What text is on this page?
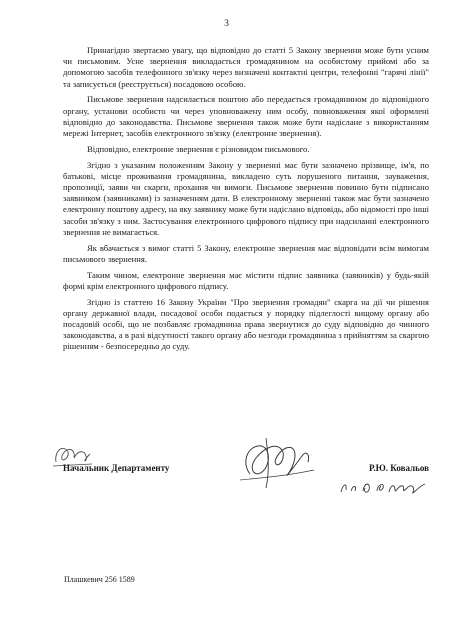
3

Принагідно звертаємо увагу, що відповідно до статті 5 Закону звернення може бути усним чи письмовим. Усне звернення викладається громадянином на особистому прийомі або за допомогою засобів телефонного зв'язку через визначені контактні центри, телефонні "гарячі лінії" та записується (реєструється) посадовою особою.

Письмове звернення надсилається поштою або передається громадянином до відповідного органу, установи особисто чи через уповноважену ним особу, повноваження якої оформлені відповідно до законодавства. Письмове звернення також може бути надіслане з використанням мережі Інтернет, засобів електронного зв'язку (електронне звернення).

Відповідно, електронне звернення є різновидом письмового.

Згідно з указаним положенням Закону у зверненні має бути зазначено прізвище, ім'я, по батькові, місце проживання громадянина, викладено суть порушеного питання, зауваження, пропозиції, заяви чи скарги, прохання чи вимоги. Письмове звернення повинно бути підписано заявником (заявниками) із зазначенням дати. В електронному зверненні також має бути зазначено електронну поштову адресу, на яку заявнику може бути надіслано відповідь, або відомості про інші засоби зв'язку з ним. Застосування електронного цифрового підпису при надсиланні електронного звернення не вимагається.

Як вбачається з вимог статті 5 Закону, електронне звернення має відповідати всім вимогам письмового звернення.

Таким чином, електронне звернення має містити підпис заявника (заявників) у будь-якій формі крім електронного цифрового підпису.

Згідно із статтею 16 Закону України "Про звернення громадян" скарга на дії чи рішення органу державної влади, посадової особи подається у порядку підлеглості вищому органу або посадовій особі, що не позбавляє громадянина права звернутися до суду відповідно до чинного законодавства, а в разі відсутності такого органу або незгоди громадянина з прийняттям за скаргою рішенням - безпосередньо до суду.

Начальник Департаменту	Р.Ю. Ковальов
Плашкевич 256 1589
